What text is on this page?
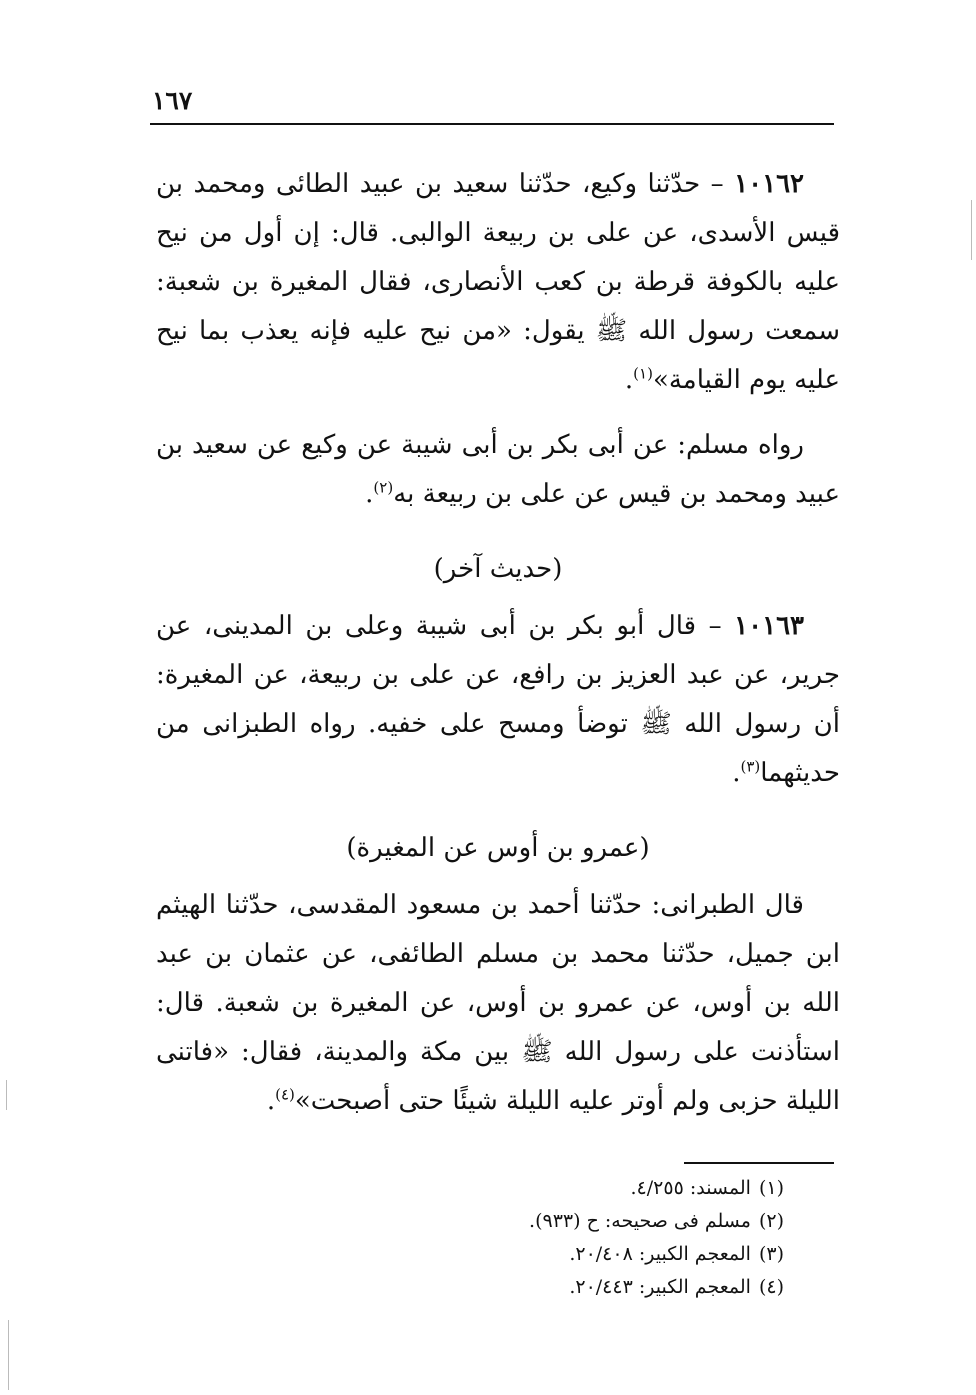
١٦٧

١٠١٦٢ – حدّثنا وكيع، حدّثنا سعيد بن عبيد الطائى ومحمد بن قيس الأسدى، عن على بن ربيعة الوالبى. قال: إن أول من نيح عليه بالكوفة قرطة بن كعب الأنصارى، فقال المغيرة بن شعبة: سمعت رسول الله ﷺ يقول: «من نيح عليه فإنه يعذب بما نيح عليه يوم القيامة»$^{(١)}$.

رواه مسلم: عن أبى بكر بن أبى شيبة عن وكيع عن سعيد بن عبيد ومحمد بن قيس عن على بن ربيعة به$^{(٢)}$.

(حديث آخر)

١٠١٦٣ – قال أبو بكر بن أبى شيبة وعلى بن المدينى، عن جرير، عن عبد العزيز بن رافع، عن على بن ربيعة، عن المغيرة: أن رسول الله ﷺ توضأ ومسح على خفيه. رواه الطبزانى من حديثهما$^{(٣)}$.

(عمرو بن أوس عن المغيرة)

قال الطبرانى: حدّثنا أحمد بن مسعود المقدسى، حدّثنا الهيثم ابن جميل، حدّثنا محمد بن مسلم الطائفى، عن عثمان بن عبد الله بن أوس، عن عمرو بن أوس، عن المغيرة بن شعبة. قال: استأذنت على رسول الله ﷺ بين مكة والمدينة، فقال: «فاتنى الليلة حزبى ولم أوتر عليه الليلة شيئًا حتى أصبحت»$^{(٤)}$.

(١)المسند: ٤/٢٥٥.
(٢)مسلم فى صحيحه: ح (٩٣٣).
(٣)المعجم الكبير: ٢٠/٤٠٨.
(٤)المعجم الكبير: ٢٠/٤٤٣.
